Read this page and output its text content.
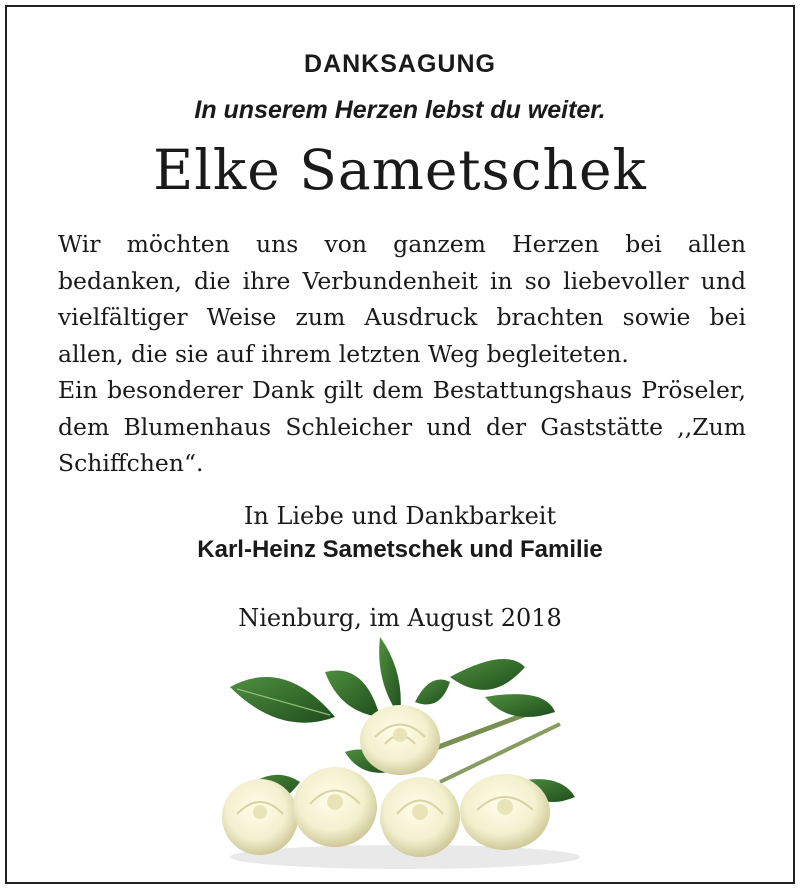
DANKSAGUNG
In unserem Herzen lebst du weiter.
Elke Sametschek

Wir möchten uns von ganzem Herzen bei allen bedanken, die ihre Verbundenheit in so liebevoller und vielfältiger Weise zum Ausdruck brachten sowie bei allen, die sie auf ihrem letzten Weg begleiteten.

Ein besonderer Dank gilt dem Bestattungshaus Pröseler, dem Blumenhaus Schleicher und der Gaststätte ,,Zum Schiffchen“.

In Liebe und Dankbarkeit
Karl-Heinz Sametschek und Familie
Nienburg, im August 2018
